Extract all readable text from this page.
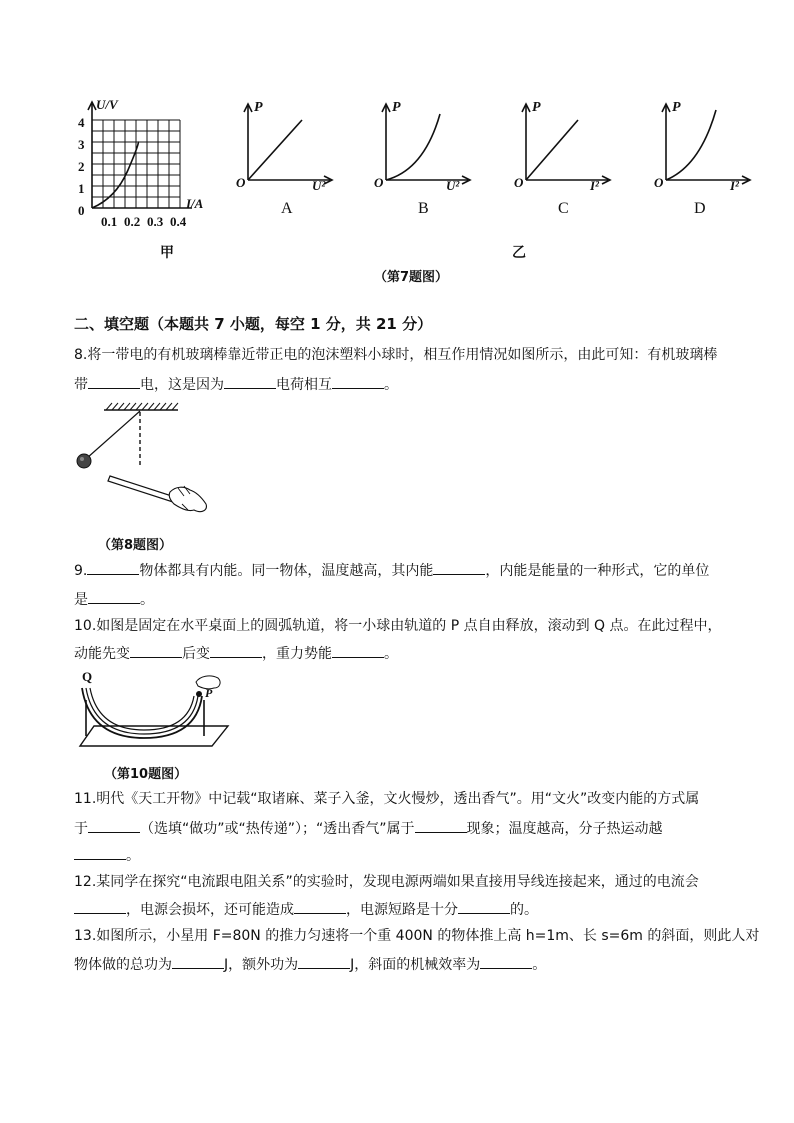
U/V
I/A
4
3
2
1
0
0.1 0.2 0.3 0.4
甲
P
O	U²
A
P
O	U²
B
P
O	I²
C
P
O	I²
D
乙
（第7题图）
二、填空题（本题共 7 小题，每空 1 分，共 21 分）
8.将一带电的有机玻璃棒靠近带正电的泡沫塑料小球时，相互作用情况如图所示，由此可知：有机玻璃棒
带	电，这是因为	电荷相互	。
（第8题图）
9.	物体都具有内能。同一物体，温度越高，其内能	，内能是能量的一种形式，它的单位
是	。
10.如图是固定在水平桌面上的圆弧轨道，将一小球由轨道的 P 点自由释放，滚动到 Q 点。在此过程中，
动能先变	后变	，重力势能	。
Q
P
（第10题图）
11.明代《天工开物》中记载“取诸麻、菜子入釜，文火慢炒，透出香气”。用“文火”改变内能的方式属
于	（选填“做功”或“热传递”）；“透出香气”属于	现象；温度越高，分子热运动越
。
12.某同学在探究“电流跟电阻关系”的实验时，发现电源两端如果直接用导线连接起来，通过的电流会
，电源会损坏，还可能造成	，电源短路是十分	的。
13.如图所示，小星用 F=80N 的推力匀速将一个重 400N 的物体推上高 h=1m、长 s=6m 的斜面，则此人对
物体做的总功为	J，额外功为	J，斜面的机械效率为	。
